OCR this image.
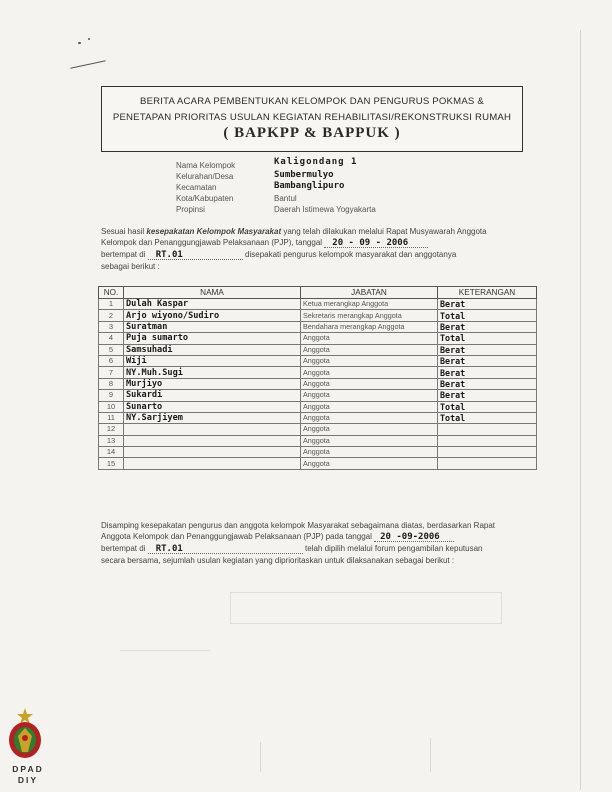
BERITA ACARA PEMBENTUKAN KELOMPOK DAN PENGURUS POKMAS &
PENETAPAN PRIORITAS USULAN KEGIATAN REHABILITASI/REKONSTRUKSI RUMAH
( BAPKPP & BAPPUK )
Nama Kelompok	Kaligondang 1
Kelurahan/Desa	Sumbermulyo
Kecamatan	Bambanglipuro
Kota/Kabupaten	Bantul
Propinsi	Daerah Istimewa Yogyakarta
Sesuai hasil kesepakatan Kelompok Masyarakat yang telah dilakukan melalui Rapat Musyawarah Anggota
Kelompok dan Penanggungjawab Pelaksanaan (PJP), tanggal 20 - 09 - 2006
bertempat di RT.01	disepakati pengurus kelompok masyarakat dan anggotanya
sebagai berikut :
NO.	NAMA	JABATAN	KETERANGAN
1	Dulah Kaspar	Ketua merangkap Anggota	Berat
2	Arjo wiyono/Sudiro	Sekretaris merangkap Anggota	Total
3	Suratman	Bendahara merangkap Anggota	Berat
4	Puja sumarto	Anggota	Total
5	Samsuhadi	Anggota	Berat
6	Wiji	Anggota	Berat
7	NY.Muh.Sugi	Anggota	Berat
8	Murjiyo	Anggota	Berat
9	Sukardi	Anggota	Berat
10	Sunarto	Anggota	Total
11	NY.Sarjiyem	Anggota	Total
12		Anggota	
13		Anggota	
14		Anggota	
15		Anggota	
Disamping kesepakatan pengurus dan anggota kelompok Masyarakat sebagaimana diatas, berdasarkan Rapat
Anggota Kelompok dan Penanggungjawab Pelaksanaan (PJP) pada tanggal 20 -09-2006
bertempat di RT.01	telah dipilih melalui forum pengambilan keputusan
secara bersama, sejumlah usulan kegiatan yang diprioritaskan untuk dilaksanakan sebagai berikut :
DPAD
DIY
